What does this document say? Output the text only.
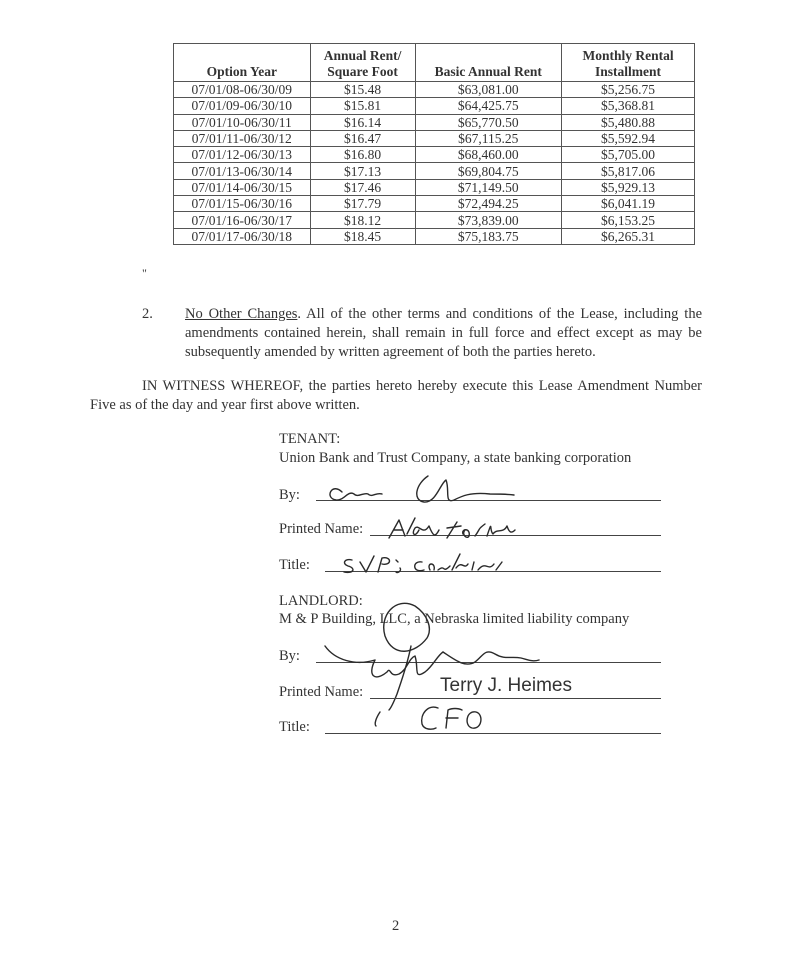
Option Year	Annual Rent/ Square Foot	Basic Annual Rent	Monthly Rental Installment
07/01/08-06/30/09	$15.48	$63,081.00	$5,256.75
07/01/09-06/30/10	$15.81	$64,425.75	$5,368.81
07/01/10-06/30/11	$16.14	$65,770.50	$5,480.88
07/01/11-06/30/12	$16.47	$67,115.25	$5,592.94
07/01/12-06/30/13	$16.80	$68,460.00	$5,705.00
07/01/13-06/30/14	$17.13	$69,804.75	$5,817.06
07/01/14-06/30/15	$17.46	$71,149.50	$5,929.13
07/01/15-06/30/16	$17.79	$72,494.25	$6,041.19
07/01/16-06/30/17	$18.12	$73,839.00	$6,153.25
07/01/17-06/30/18	$18.45	$75,183.75	$6,265.31
"
2. No Other Changes. All of the other terms and conditions of the Lease, including the amendments contained herein, shall remain in full force and effect except as may be subsequently amended by written agreement of both the parties hereto.
IN WITNESS WHEREOF, the parties hereto hereby execute this Lease Amendment Number Five as of the day and year first above written.
TENANT:
Union Bank and Trust Company, a state banking corporation
By:
Printed Name:
Title:
LANDLORD:
M & P Building, LLC, a Nebraska limited liability company
By:
Printed Name:	Terry J. Heimes
Title:
2
